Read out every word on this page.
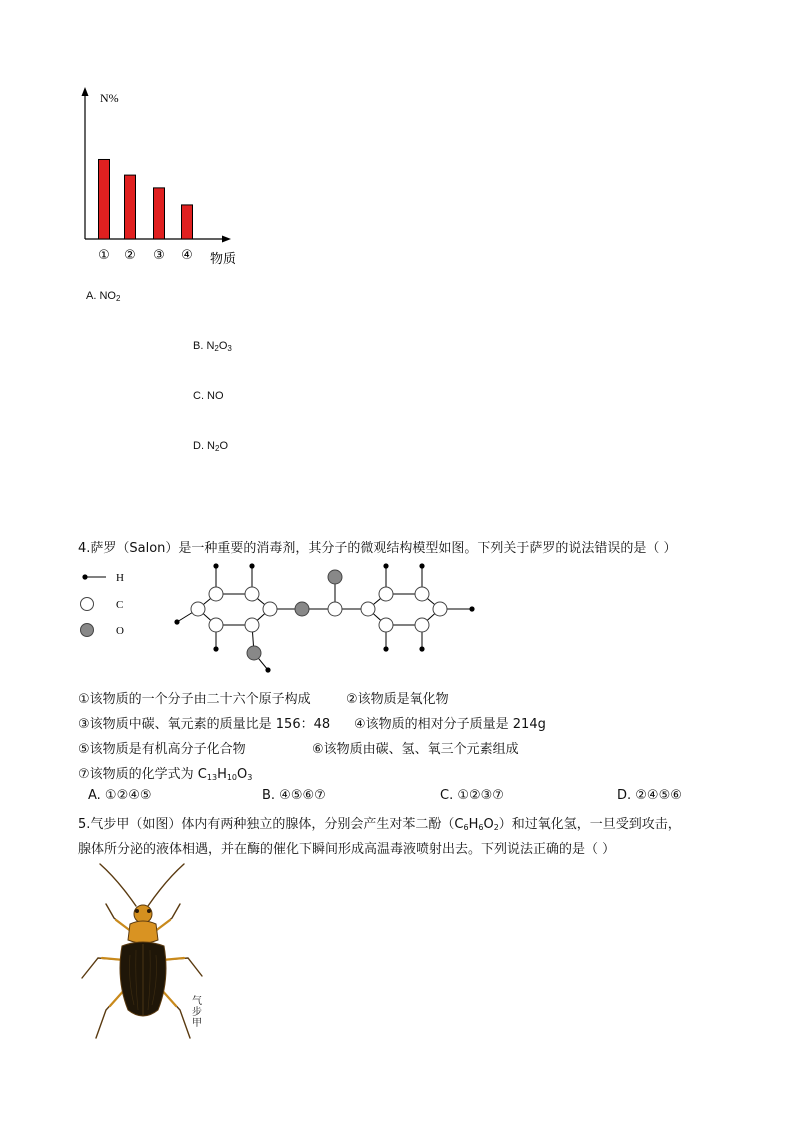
N%
物质
① ② ③ ④
A. $NO_2$
B. $N_2O_3$
C. NO
D. $N_2O$
4.萨罗（Salon）是一种重要的消毒剂，其分子的微观结构模型如图。下列关于萨罗的说法错误的是（ ）
H
C
O
①该物质的一个分子由二十六个原子构成	②该物质是氧化物
③该物质中碳、氧元素的质量比是 156：48 ④该物质的相对分子质量是 214g
⑤该物质是有机高分子化合物	⑥该物质由碳、氢、氧三个元素组成
⑦该物质的化学式为 $C_{13}H_{10}O_3$
A. ①②④⑤	B. ④⑤⑥⑦	C. ①②③⑦	D. ②④⑤⑥
5.气步甲（如图）体内有两种独立的腺体，分别会产生对苯二酚$(C_6H_6O_2)$和过氧化氢，一旦受到攻击，
腺体所分泌的液体相遇，并在酶的催化下瞬间形成高温毒液喷射出去。下列说法正确的是（ ）
气
步
甲
